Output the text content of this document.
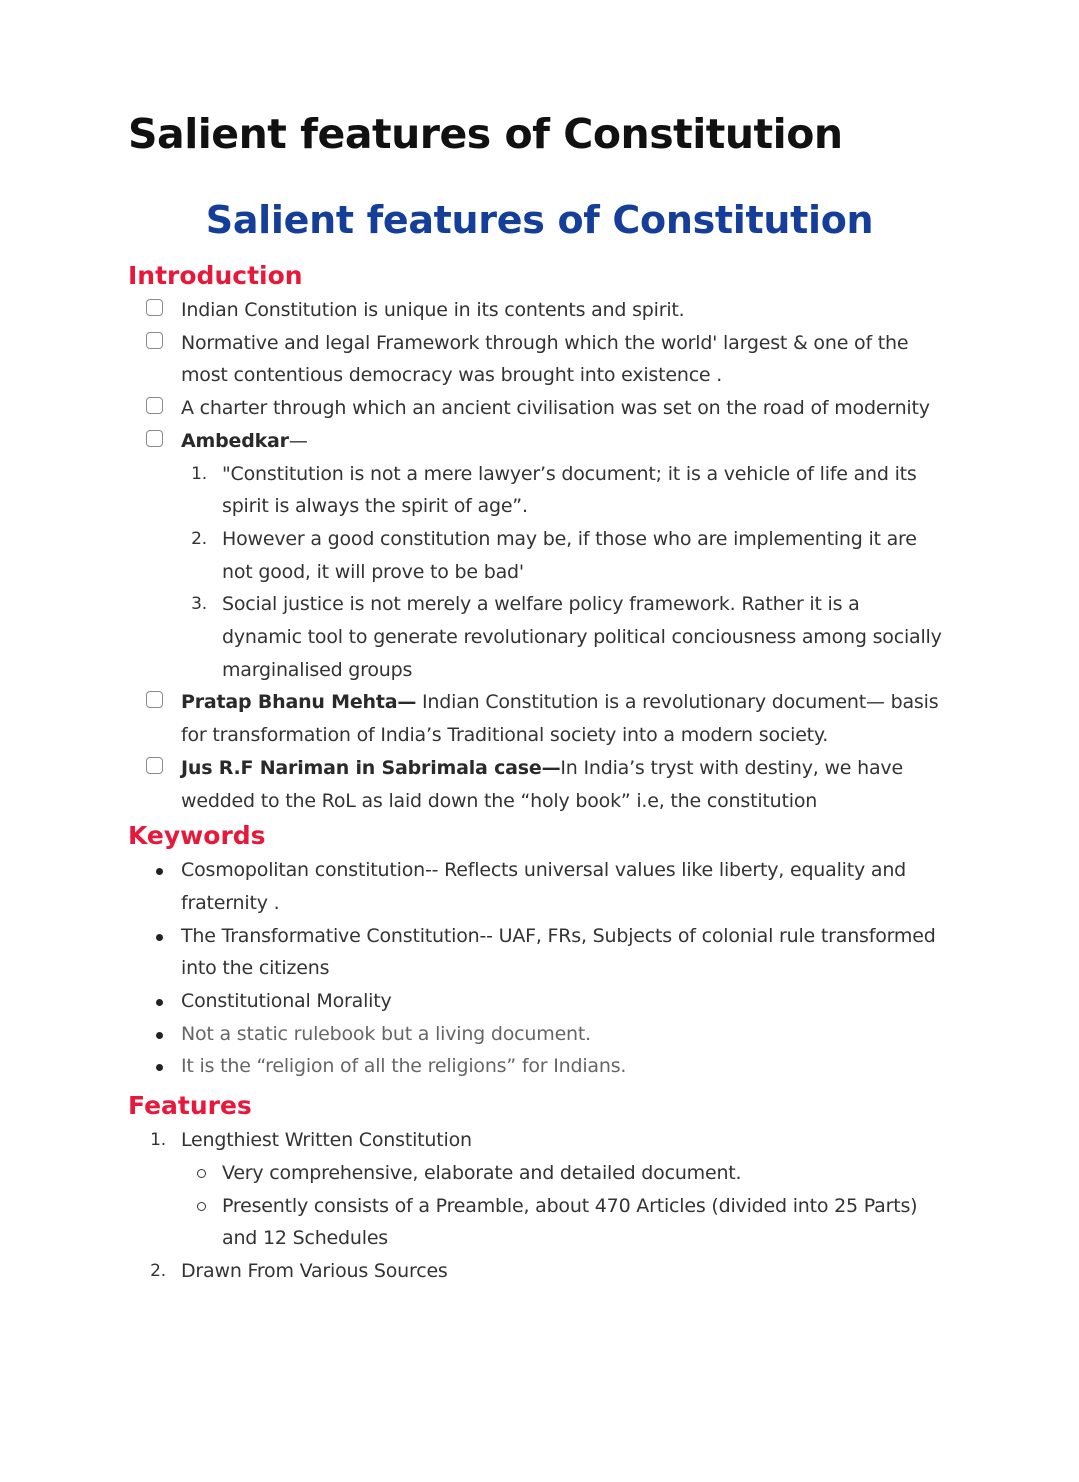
Salient features of Constitution
Salient features of Constitution
Introduction
Indian Constitution is unique in its contents and spirit.
Normative and legal Framework through which the world' largest & one of the most contentious democracy was brought into existence .
A charter through which an ancient civilisation was set on the road of modernity
Ambedkar—
1. "Constitution is not a mere lawyer’s document; it is a vehicle of life and its spirit is always the spirit of age”.
2. However a good constitution may be, if those who are implementing it are not good, it will prove to be bad'
3. Social justice is not merely a welfare policy framework. Rather it is a dynamic tool to generate revolutionary political conciousness among socially marginalised groups
Pratap Bhanu Mehta— Indian Constitution is a revolutionary document— basis for transformation of India’s Traditional society into a modern society.
Jus R.F Nariman in Sabrimala case—In India’s tryst with destiny, we have wedded to the RoL as laid down the “holy book” i.e, the constitution
Keywords
Cosmopolitan constitution-- Reflects universal values like liberty, equality and fraternity .
The Transformative Constitution-- UAF, FRs, Subjects of colonial rule transformed into the citizens
Constitutional Morality
Not a static rulebook but a living document.
It is the “religion of all the religions” for Indians.
Features
1. Lengthiest Written Constitution
Very comprehensive, elaborate and detailed document.
Presently consists of a Preamble, about 470 Articles (divided into 25 Parts) and 12 Schedules
2. Drawn From Various Sources
